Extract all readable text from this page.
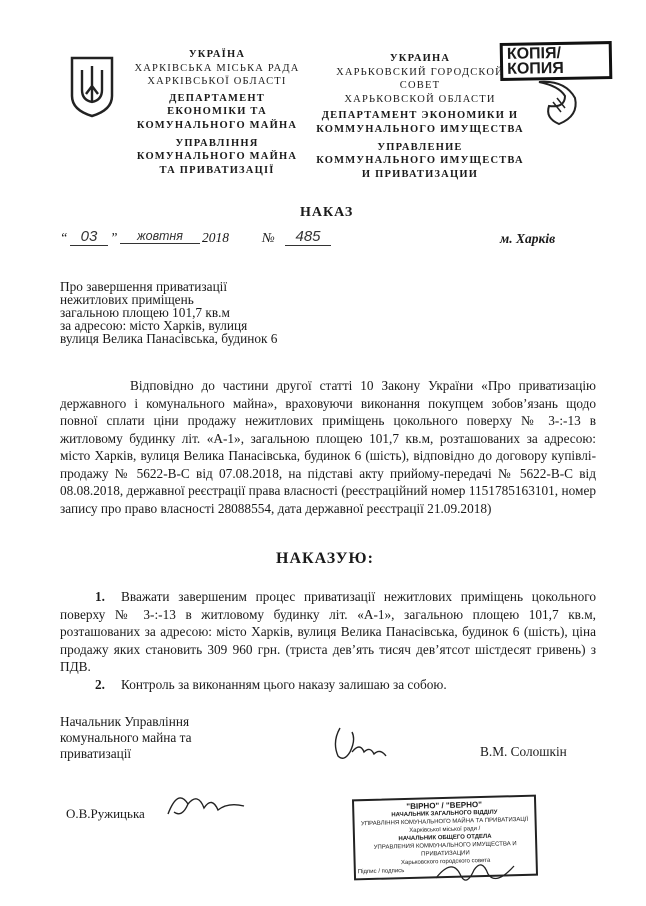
УКРАЇНА
ХАРКІВСЬКА МІСЬКА РАДА
ХАРКІВСЬКОЇ ОБЛАСТІ
ДЕПАРТАМЕНТ
ЕКОНОМІКИ ТА
КОМУНАЛЬНОГО МАЙНА
УПРАВЛІННЯ
КОМУНАЛЬНОГО МАЙНА
ТА ПРИВАТИЗАЦІЇ
УКРАИНА
ХАРЬКОВСКИЙ ГОРОДСКОЙ
СОВЕТ
ХАРЬКОВСКОЙ ОБЛАСТИ
ДЕПАРТАМЕНТ ЭКОНОМИКИ И
КОММУНАЛЬНОГО ИМУЩЕСТВА
УПРАВЛЕНИЕ
КОММУНАЛЬНОГО ИМУЩЕСТВА
И ПРИВАТИЗАЦИИ
КОПІЯ/
КОПИЯ
НАКАЗ
“ 03 ”	жовтня	2018 №	485	м. Харків
Про завершення приватизації
нежитлових приміщень
загальною площею 101,7 кв.м
за адресою: місто Харків, вулиця
вулиця Велика Панасівська, будинок 6
Відповідно до частини другої статті 10 Закону України «Про приватизацію державного і комунального майна», враховуючи виконання покупцем зобов’язань щодо повної сплати ціни продажу нежитлових приміщень цокольного поверху № 3-:-13 в житловому будинку літ. «А-1», загальною площею 101,7 кв.м, розташованих за адресою: місто Харків, вулиця Велика Панасівська, будинок 6 (шість), відповідно до договору купівлі-продажу № 5622-В-С від 07.08.2018, на підставі акту прийому-передачі № 5622-В-С від 08.08.2018, державної реєстрації права власності (реєстраційний номер 1151785163101, номер запису про право власності 28088554, дата державної реєстрації 21.09.2018)
НАКАЗУЮ:
1. Вважати завершеним процес приватизації нежитлових приміщень цокольного поверху № 3-:-13 в житловому будинку літ. «А-1», загальною площею 101,7 кв.м, розташованих за адресою: місто Харків, вулиця Велика Панасівська, будинок 6 (шість), ціна продажу яких становить 309 960 грн. (триста дев’ять тисяч дев’ятсот шістдесят гривень) з ПДВ.
2. Контроль за виконанням цього наказу залишаю за собою.
Начальник Управління
комунального майна та
приватизації	В.М. Солошкін
О.В.Ружицька
"ВІРНО" / "ВЕРНО"
НАЧАЛЬНИК ЗАГАЛЬНОГО ВІДДІЛУ
УПРАВЛІННЯ КОМУНАЛЬНОГО МАЙНА ТА ПРИВАТИЗАЦІЇ
Харківської міської ради /
НАЧАЛЬНИК ОБЩЕГО ОТДЕЛА
УПРАВЛЕНИЯ КОММУНАЛЬНОГО ИМУЩЕСТВА И ПРИВАТИЗАЦИИ
Харьковского городского совета
Підпис / подпись
